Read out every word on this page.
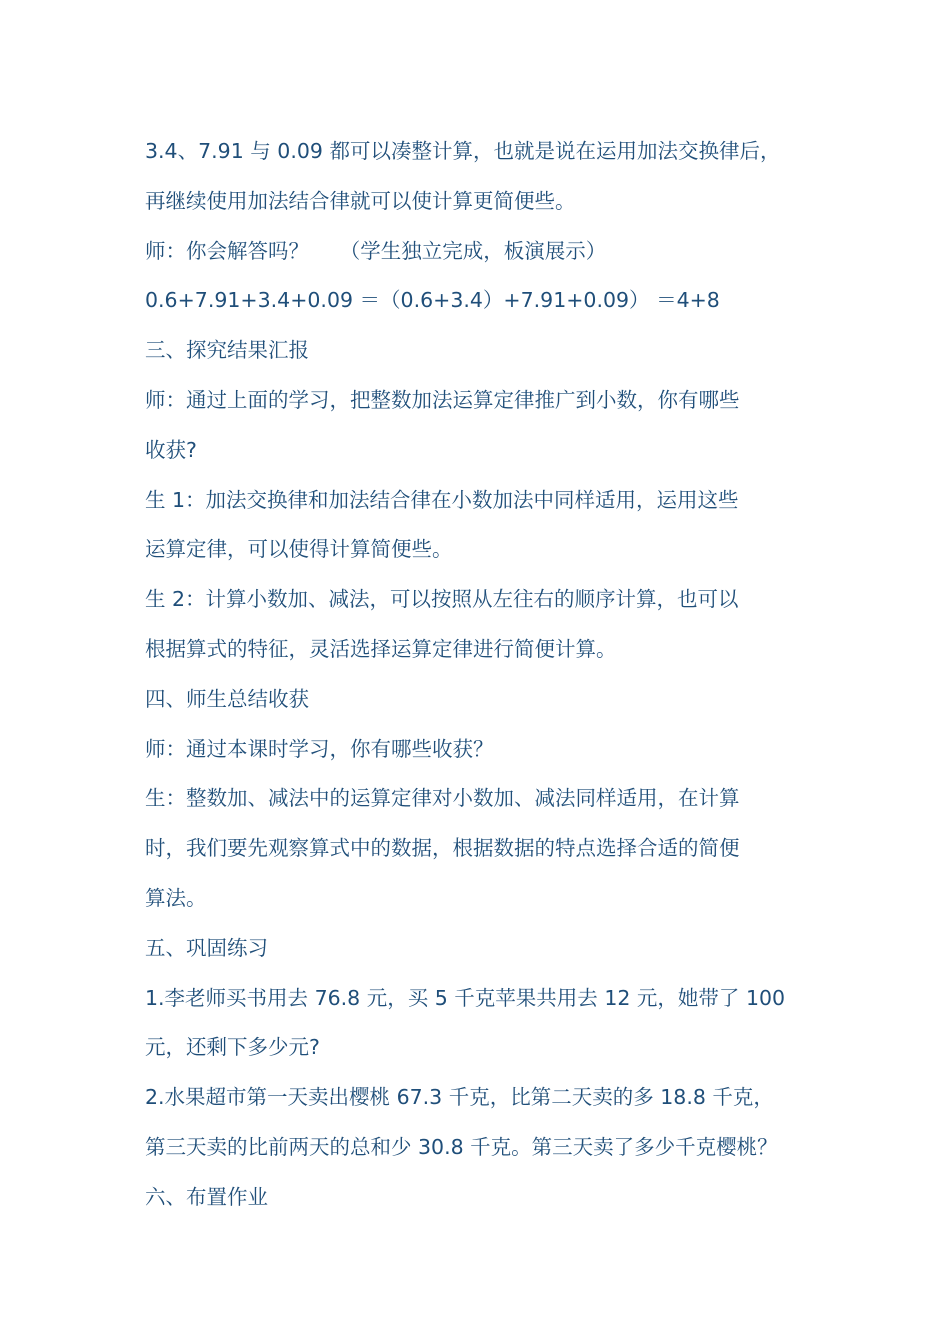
3.4、7.91 与 0.09 都可以凑整计算，也就是说在运用加法交换律后，
再继续使用加法结合律就可以使计算更简便些。
师：你会解答吗？　　（学生独立完成，板演展示）
0.6+7.91+3.4+0.09 ＝（0.6+3.4）+7.91+0.09） ＝4+8
三、探究结果汇报
师：通过上面的学习，把整数加法运算定律推广到小数，你有哪些
收获?
生 1：加法交换律和加法结合律在小数加法中同样适用，运用这些
运算定律，可以使得计算简便些。
生 2：计算小数加、减法，可以按照从左往右的顺序计算，也可以
根据算式的特征，灵活选择运算定律进行简便计算。
四、师生总结收获
师：通过本课时学习，你有哪些收获？
生：整数加、减法中的运算定律对小数加、减法同样适用，在计算
时，我们要先观察算式中的数据，根据数据的特点选择合适的简便
算法。
五、巩固练习
1.李老师买书用去 76.8 元，买 5 千克苹果共用去 12 元，她带了 100
元，还剩下多少元?
2.水果超市第一天卖出樱桃 67.3 千克，比第二天卖的多 18.8 千克，
第三天卖的比前两天的总和少 30.8 千克。第三天卖了多少千克樱桃？
六、布置作业
